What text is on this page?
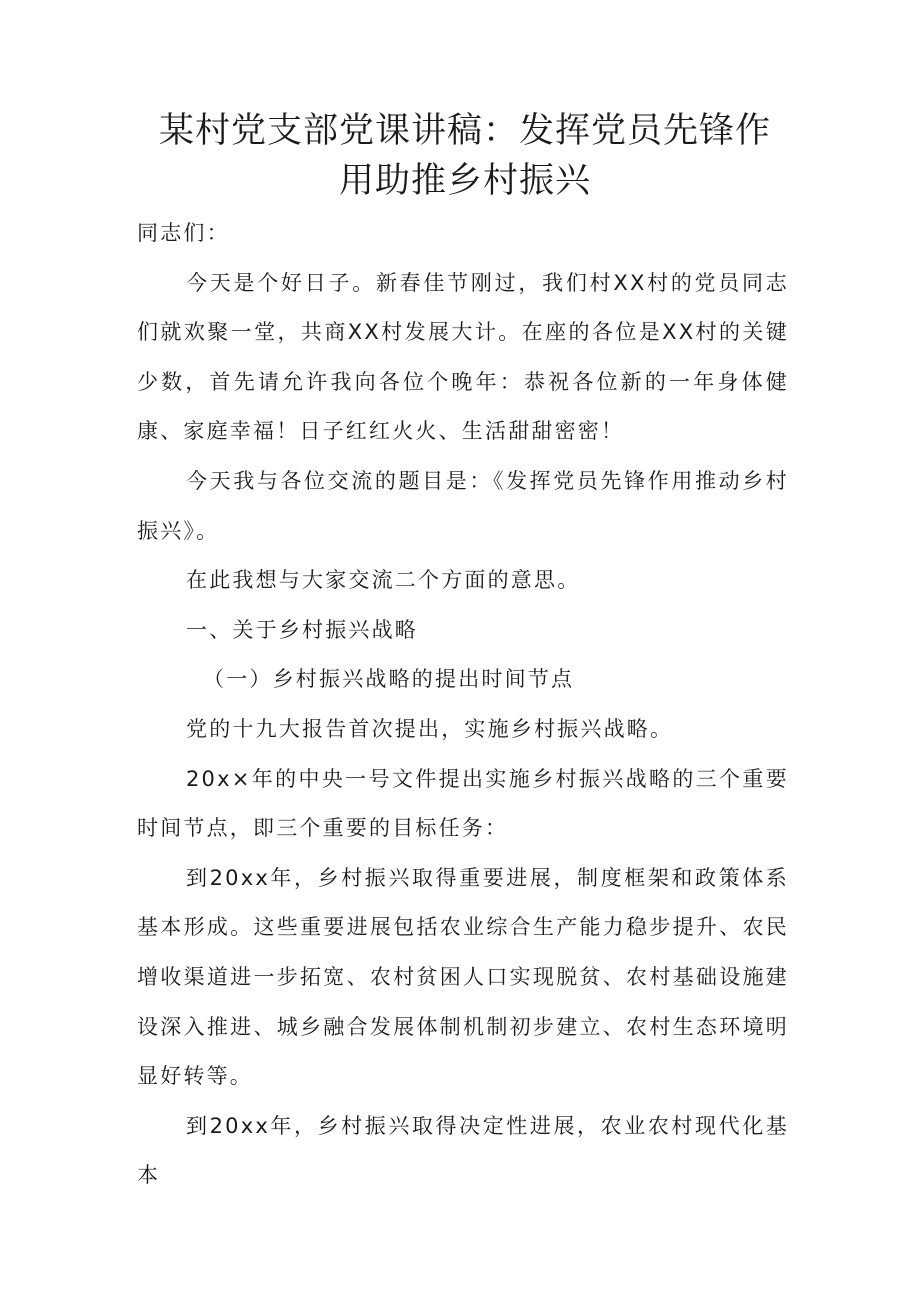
某村党支部党课讲稿：发挥党员先锋作
用助推乡村振兴

同志们：

今天是个好日子。新春佳节刚过，我们村XX村的党员同志们就欢聚一堂，共商XX村发展大计。在座的各位是XX村的关键少数，首先请允许我向各位个晚年：恭祝各位新的一年身体健康、家庭幸福！日子红红火火、生活甜甜密密！

今天我与各位交流的题目是：《发挥党员先锋作用推动乡村振兴》。

在此我想与大家交流二个方面的意思。

一、关于乡村振兴战略

（一）乡村振兴战略的提出时间节点

党的十九大报告首次提出，实施乡村振兴战略。

20x×年的中央一号文件提出实施乡村振兴战略的三个重要时间节点，即三个重要的目标任务：

到20xx年，乡村振兴取得重要进展，制度框架和政策体系基本形成。这些重要进展包括农业综合生产能力稳步提升、农民增收渠道进一步拓宽、农村贫困人口实现脱贫、农村基础设施建设深入推进、城乡融合发展体制机制初步建立、农村生态环境明显好转等。

到20xx年，乡村振兴取得决定性进展，农业农村现代化基本
